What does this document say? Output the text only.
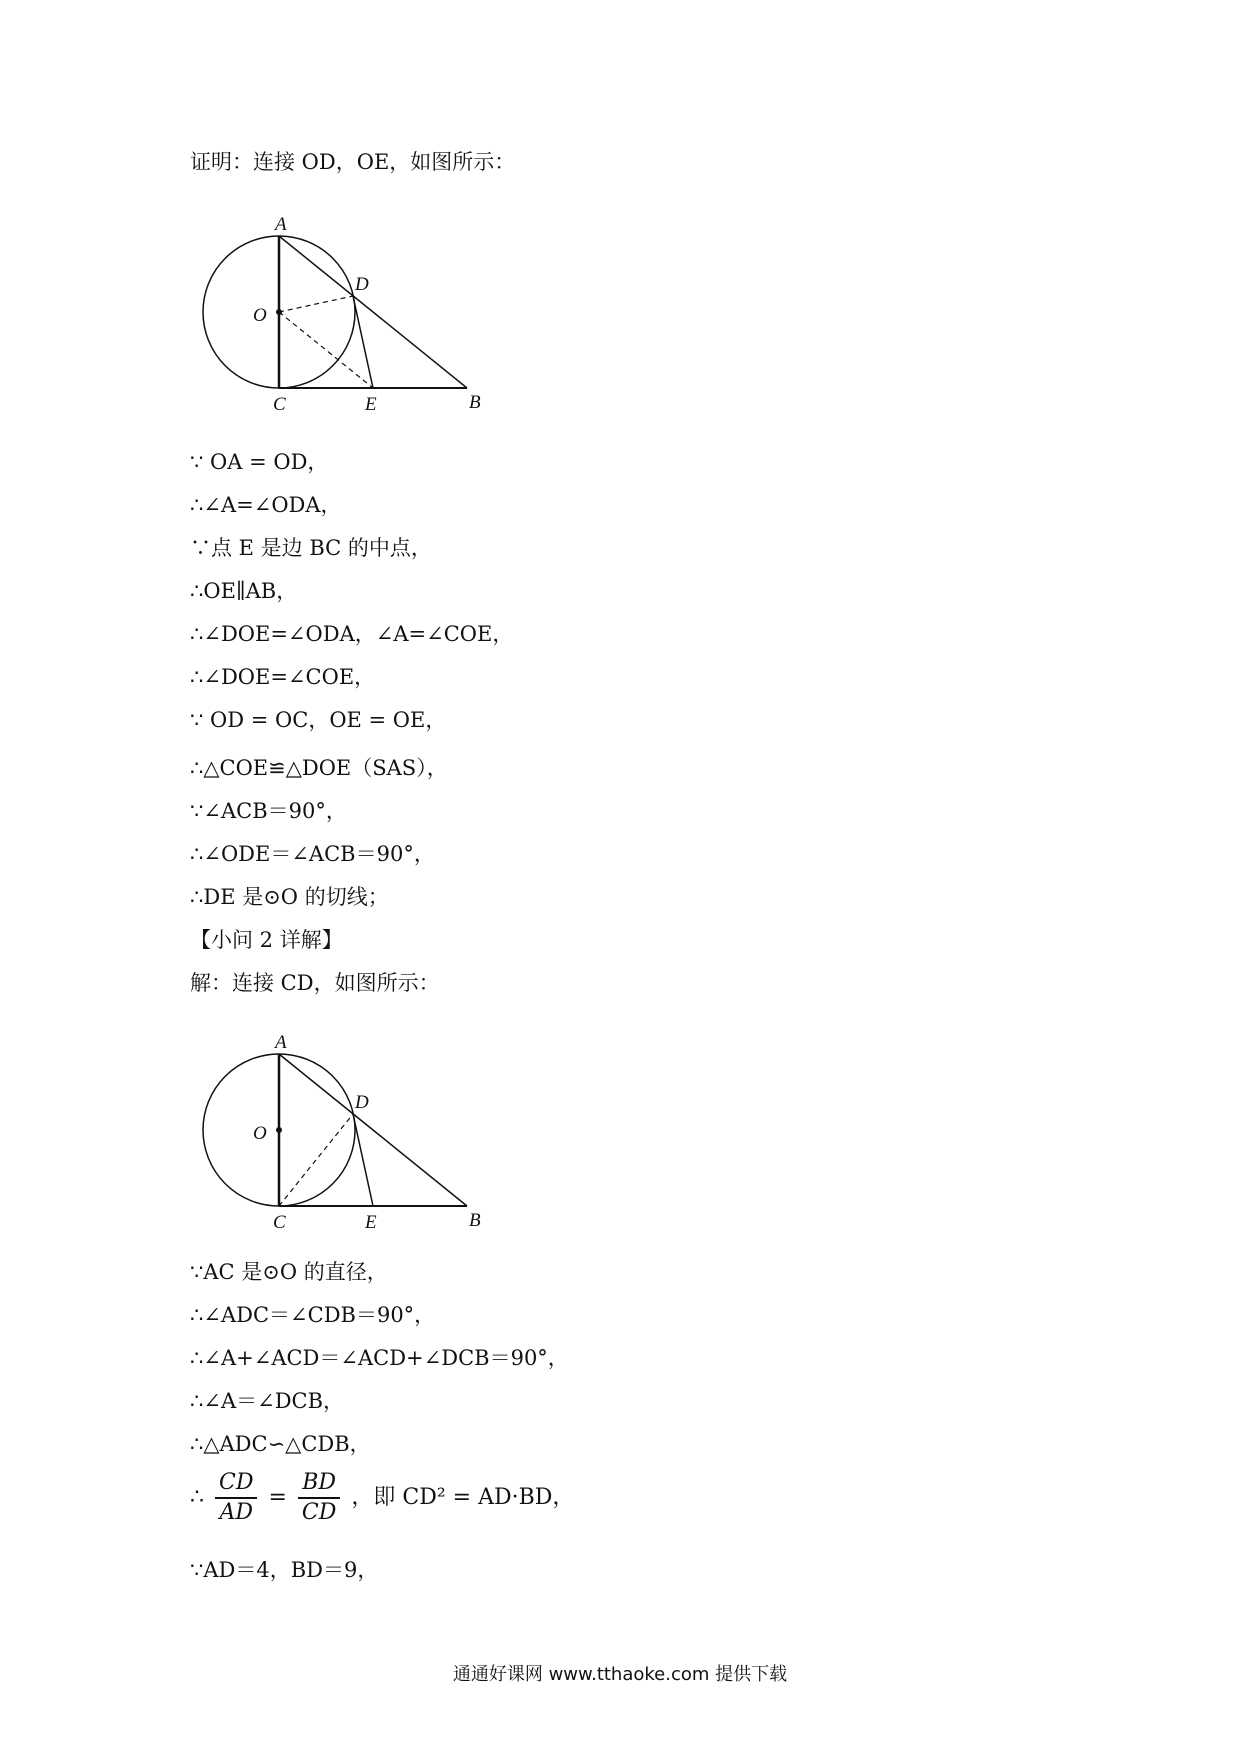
证明：连接 OD，OE，如图所示：
A
D
O
C	E	B
∵ OA = OD，
∴∠A=∠ODA，
∵点 E 是边 BC 的中点，
∴OE∥AB，
∴∠DOE=∠ODA，∠A=∠COE，
∴∠DOE=∠COE，
∵ OD = OC，OE = OE，
∴△COE≌△DOE（SAS），
∵∠ACB＝90°，
∴∠ODE＝∠ACB＝90°，
∴DE 是⊙O 的切线；
【小问 2 详解】
解：连接 CD，如图所示：
A
D
O
C	E	B
∵AC 是⊙O 的直径，
∴∠ADC＝∠CDB＝90°，
∴∠A+∠ACD＝∠ACD+∠DCB＝90°，
∴∠A＝∠DCB，
∴△ADC∽△CDB，
∴ $\frac{CD}{AD} = \frac{BD}{CD}$ ，即 CD² = AD·BD，
∵AD＝4，BD＝9，
通通好课网 www.tthaoke.com 提供下载
